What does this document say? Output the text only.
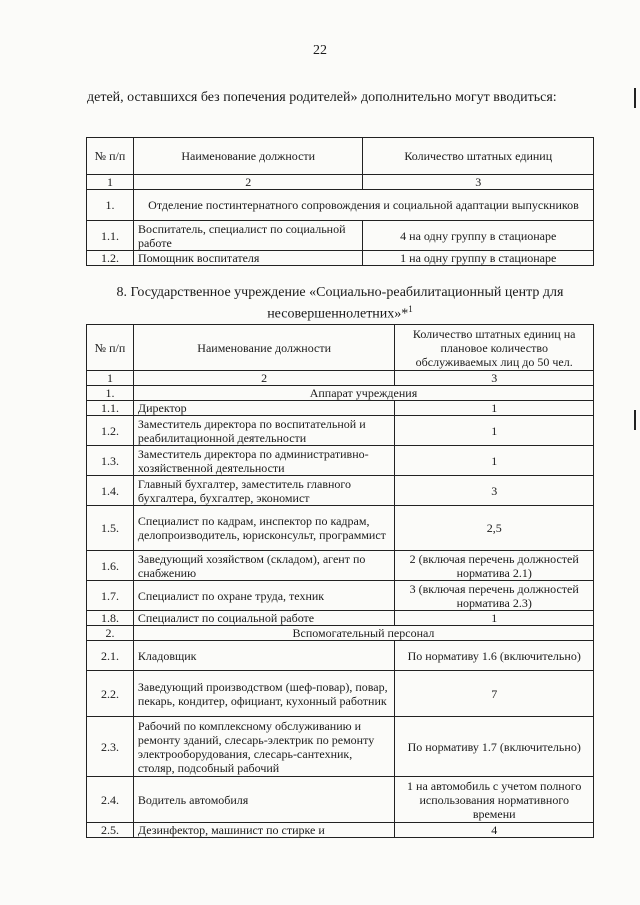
22
детей, оставшихся без попечения родителей» дополнительно могут вводиться:
№ п/п	Наименование должности	Количество штатных единиц
1	2	3
1.	Отделение постинтернатного сопровождения и социальной адаптации выпускников	
1.1.	Воспитатель, специалист по социальной работе	4 на одну группу в стационаре
1.2.	Помощник воспитателя	1 на одну группу в стационаре
8. Государственное учреждение «Социально-реабилитационный центр для несовершеннолетних»*$^1$
№ п/п	Наименование должности	Количество штатных единиц на плановое количество обслуживаемых лиц до 50 чел.
1	2	3
1.	Аппарат учреждения	
1.1.	Директор	1
1.2.	Заместитель директора по воспитательной и реабилитационной деятельности	1
1.3.	Заместитель директора по административно-хозяйственной деятельности	1
1.4.	Главный бухгалтер, заместитель главного бухгалтера, бухгалтер, экономист	3
1.5.	Специалист по кадрам, инспектор по кадрам, делопроизводитель, юрисконсульт, программист	2,5
1.6.	Заведующий хозяйством (складом), агент по снабжению	2 (включая перечень должностей норматива 2.1)
1.7.	Специалист по охране труда, техник	3 (включая перечень должностей норматива 2.3)
1.8.	Специалист по социальной работе	1
2.	Вспомогательный персонал	
2.1.	Кладовщик	По нормативу 1.6 (включительно)
2.2.	Заведующий производством (шеф-повар), повар, пекарь, кондитер, официант, кухонный работник	7
2.3.	Рабочий по комплексному обслуживанию и ремонту зданий, слесарь-электрик по ремонту электрооборудования, слесарь-сантехник, столяр, подсобный рабочий	По нормативу 1.7 (включительно)
2.4.	Водитель автомобиля	1 на автомобиль с учетом полного использования нормативного времени
2.5.	Дезинфектор, машинист по стирке и	4
